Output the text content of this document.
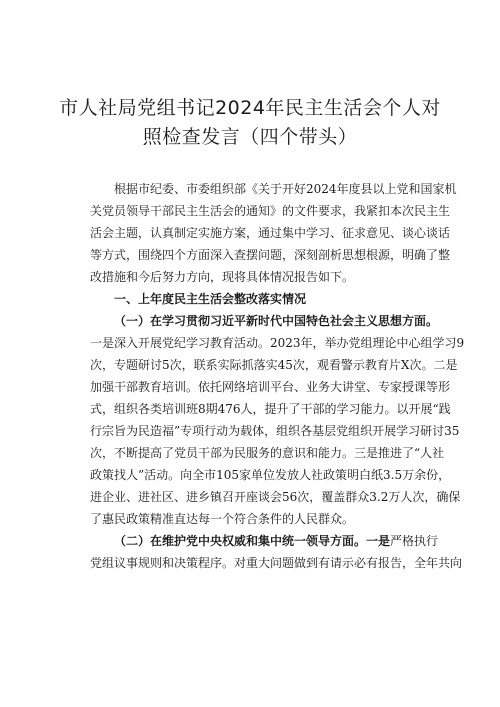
市人社局党组书记2024年民主生活会个人对
照检查发言（四个带头）
根据市纪委、市委组织部《关于开好2024年度县以上党和国家机
关党员领导干部民主生活会的通知》的文件要求，我紧扣本次民主生
活会主题，认真制定实施方案，通过集中学习、征求意见、谈心谈话
等方式，围绕四个方面深入查摆问题，深刻剖析思想根源，明确了整
改措施和今后努力方向，现将具体情况报告如下。
一、上年度民主生活会整改落实情况
（一）在学习贯彻习近平新时代中国特色社会主义思想方面。
一是深入开展党纪学习教育活动。2023年，举办党组理论中心组学习9
次，专题研讨5次，联系实际抓落实45次，观看警示教育片X次。二是
加强干部教育培训。依托网络培训平台、业务大讲堂、专家授课等形
式，组织各类培训班8期476人，提升了干部的学习能力。以开展“践
行宗旨为民造福”专项行动为载体，组织各基层党组织开展学习研讨35
次，不断提高了党员干部为民服务的意识和能力。三是推进了“人社
政策找人”活动。向全市105家单位发放人社政策明白纸3.5万余份，
进企业、进社区、进乡镇召开座谈会56次，覆盖群众3.2万人次，确保
了惠民政策精准直达每一个符合条件的人民群众。
（二）在维护党中央权威和集中统一领导方面。一是严格执行
党组议事规则和决策程序。对重大问题做到有请示必有报告，全年共向
